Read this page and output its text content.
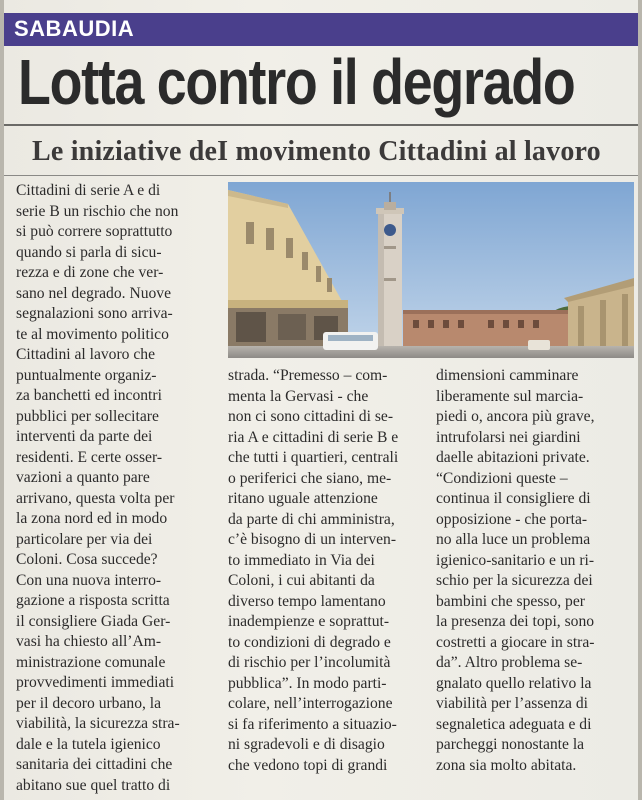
SABAUDIA
Lotta contro il degrado
Le iniziative deI movimento Cittadini al lavoro
Cittadini di serie A e di
serie B un rischio che non
si può correre soprattutto
quando si parla di sicu-
rezza e di zone che ver-
sano nel degrado. Nuove
segnalazioni sono arriva-
te al movimento politico
Cittadini al lavoro che
puntualmente organiz-
za banchetti ed incontri
pubblici per sollecitare
interventi da parte dei
residenti. E certe osser-
vazioni a quanto pare
arrivano, questa volta per
la zona nord ed in modo
particolare per via dei
Coloni. Cosa succede?
Con una nuova interro-
gazione a risposta scritta
il consigliere Giada Ger-
vasi ha chiesto all’Am-
ministrazione comunale
provvedimenti immediati
per il decoro urbano, la
viabilità, la sicurezza stra-
dale e la tutela igienico
sanitaria dei cittadini che
abitano sue quel tratto di
strada. “Premesso – com-
menta la Gervasi - che
non ci sono cittadini di se-
ria A e cittadini di serie B e
che tutti i quartieri, centrali
o periferici che siano, me-
ritano uguale attenzione
da parte di chi amministra,
c’è bisogno di un interven-
to immediato in Via dei
Coloni, i cui abitanti da
diverso tempo lamentano
inadempienze e soprattut-
to condizioni di degrado e
di rischio per l’incolumità
pubblica”. In modo parti-
colare, nell’interrogazione
si fa riferimento a situazio-
ni sgradevoli e di disagio
che vedono topi di grandi
dimensioni camminare
liberamente sul marcia-
piedi o, ancora più grave,
intrufolarsi nei giardini
daelle abitazioni private.
“Condizioni queste –
continua il consigliere di
opposizione - che porta-
no alla luce un problema
igienico-sanitario e un ri-
schio per la sicurezza dei
bambini che spesso, per
la presenza dei topi, sono
costretti a giocare in stra-
da”. Altro problema se-
gnalato quello relativo la
viabilità per l’assenza di
segnaletica adeguata e di
parcheggi nonostante la
zona sia molto abitata.
